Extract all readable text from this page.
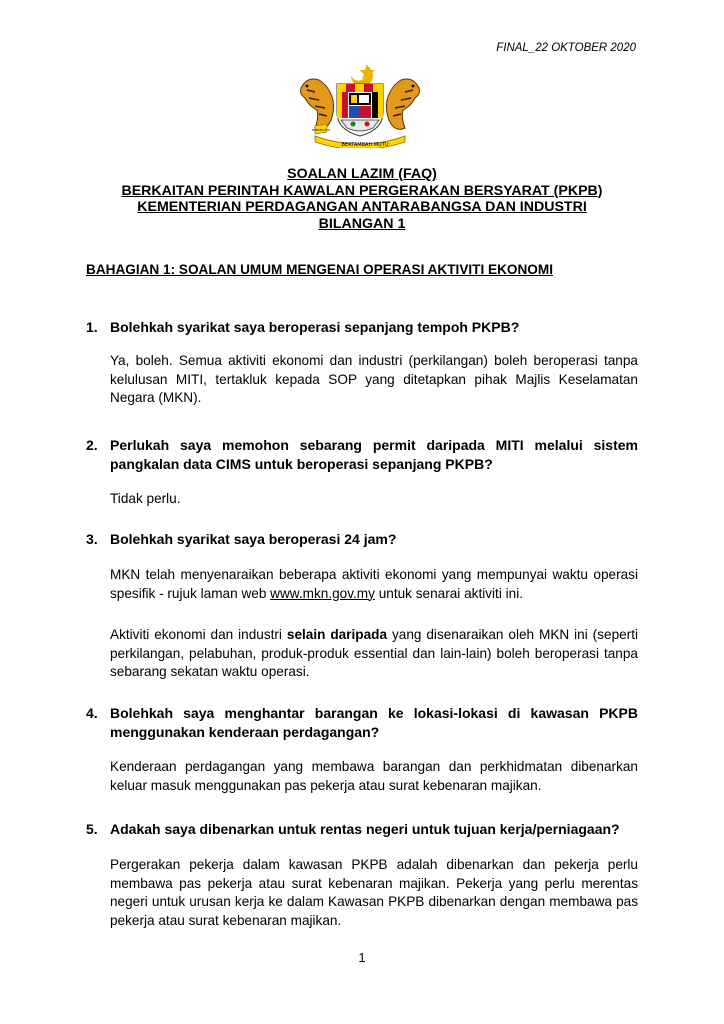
FINAL_22 OKTOBER 2020
BERTAMBAH MUTU
BERSEKUTU
SOALAN LAZIM (FAQ)
BERKAITAN PERINTAH KAWALAN PERGERAKAN BERSYARAT (PKPB)
KEMENTERIAN PERDAGANGAN ANTARABANGSA DAN INDUSTRI
BILANGAN 1
BAHAGIAN 1: SOALAN UMUM MENGENAI OPERASI AKTIVITI EKONOMI
1. Bolehkah syarikat saya beroperasi sepanjang tempoh PKPB?
Ya, boleh. Semua aktiviti ekonomi dan industri (perkilangan) boleh beroperasi tanpa kelulusan MITI, tertakluk kepada SOP yang ditetapkan pihak Majlis Keselamatan Negara (MKN).
2. Perlukah saya memohon sebarang permit daripada MITI melalui sistem pangkalan data CIMS untuk beroperasi sepanjang PKPB?
Tidak perlu.
3. Bolehkah syarikat saya beroperasi 24 jam?
MKN telah menyenaraikan beberapa aktiviti ekonomi yang mempunyai waktu operasi spesifik - rujuk laman web www.mkn.gov.my untuk senarai aktiviti ini.
Aktiviti ekonomi dan industri selain daripada yang disenaraikan oleh MKN ini (seperti perkilangan, pelabuhan, produk-produk essential dan lain-lain) boleh beroperasi tanpa sebarang sekatan waktu operasi.
4. Bolehkah saya menghantar barangan ke lokasi-lokasi di kawasan PKPB menggunakan kenderaan perdagangan?
Kenderaan perdagangan yang membawa barangan dan perkhidmatan dibenarkan keluar masuk menggunakan pas pekerja atau surat kebenaran majikan.
5. Adakah saya dibenarkan untuk rentas negeri untuk tujuan kerja/perniagaan?
Pergerakan pekerja dalam kawasan PKPB adalah dibenarkan dan pekerja perlu membawa pas pekerja atau surat kebenaran majikan. Pekerja yang perlu merentas negeri untuk urusan kerja ke dalam Kawasan PKPB dibenarkan dengan membawa pas pekerja atau surat kebenaran majikan.
1
